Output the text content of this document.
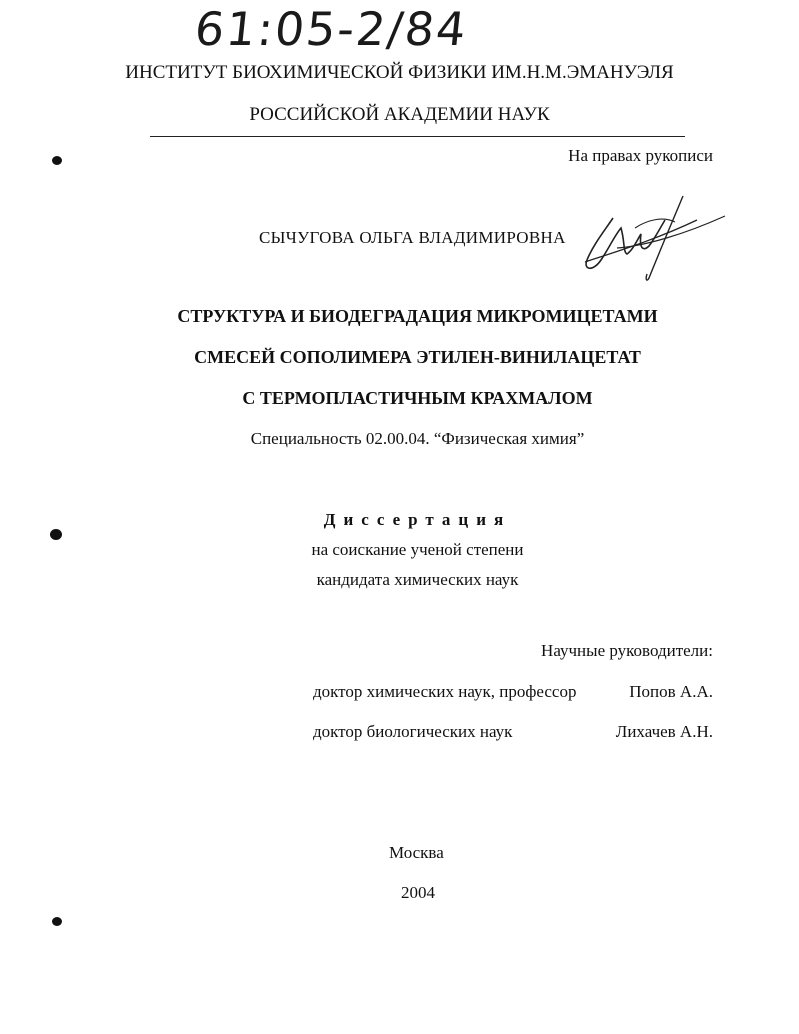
61:05-2/84
ИНСТИТУТ БИОХИМИЧЕСКОЙ ФИЗИКИ ИМ.Н.М.ЭМАНУЭЛЯ
РОССИЙСКОЙ АКАДЕМИИ НАУК
На правах рукописи
СЫЧУГОВА ОЛЬГА ВЛАДИМИРОВНА
СТРУКТУРА И БИОДЕГРАДАЦИЯ МИКРОМИЦЕТАМИ
СМЕСЕЙ СОПОЛИМЕРА ЭТИЛЕН-ВИНИЛАЦЕТАТ
С ТЕРМОПЛАСТИЧНЫМ КРАХМАЛОМ
Специальность 02.00.04. “Физическая химия”
Диссертация
на соискание ученой степени
кандидата химических наук
Научные руководители:
доктор химических наук, профессор	Попов А.А.
доктор биологических наук	Лихачев А.Н.
Москва
2004
